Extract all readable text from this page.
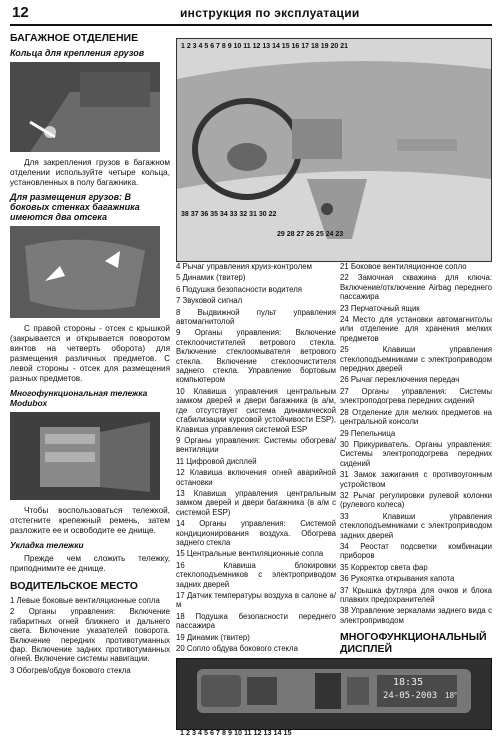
12	инструкция по эксплуатации
БАГАЖНОЕ ОТДЕЛЕНИЕ
Кольца для крепления грузов
Для закрепления грузов в багажном отделении используйте четыре кольца, установленных в полу багажника.
Для размещения грузов: В боковых стенках багажника имеются два отсека
С правой стороны - отсек с крышкой (закрывается и открывается поворотом винтов на четверть оборота) для размещения различных предметов. С левой стороны - отсек для размещения разных предметов.
Многофункциональная тележка Modubox
Чтобы воспользоваться тележкой, отстегните крепежный ремень, затем разложите ее и освободите ее днище.
Укладка тележки
Прежде чем сложить тележку, приподнимите ее днище.
ВОДИТЕЛЬСКОЕ МЕСТО
1 Левые боковые вентиляционные сопла
2 Органы управления: Включение габаритных огней ближнего и дальнего света. Включение указателей поворота. Включение передних противотуманных фар. Включение задних противотуманных огней. Включение системы навигации.
3 Обогрев/обдув бокового стекла
1 2 3 4 5 6 7 8 9 10 11 12 13 14 15 16 17 18 19 20 21
38 37 36 35 34 33 32 31 30 22
29 28 27 26 25 24 23
4 Рычаг управления круиз-контролем
5 Динамик (твитер)
6 Подушка безопасности водителя
7 Звуковой сигнал
8 Выдвижной пульт управления автомагнитолой
9 Органы управления: Включение стеклоочистителей ветрового стекла. Включение стеклоомывателя ветрового стекла. Включение стеклоочистителя заднего стекла. Управление бортовым компьютером
10 Клавиша управления центральным замком дверей и двери багажника (в а/м, где отсутствует система динамической стабилизации курсовой устойчивости ESP), Клавиша управления системой ESP
9 Органы управления: Системы обогрева/вентиляции
11 Цифровой дисплей
12 Клавиша включения огней аварийной остановки
13 Клавиша управления центральным замком дверей и двери багажника (в а/м с системой ESP)
14 Органы управления: Системой кондиционирования воздуха. Обогрева заднего стекла
15 Центральные вентиляционные сопла
16 Клавиша блокировки стеклоподъемников с электроприводом задних дверей
17 Датчик температуры воздуха в салоне а/м
18 Подушка безопасности переднего пассажира
19 Динамик (твитер)
20 Сопло обдува бокового стекла
21 Боковое вентиляционное сопло
22 Замочная скважина для ключа: Включение/отключение Airbag переднего пассажира
23 Перчаточный ящик
24 Место для установки автомагнитолы или отделение для хранения мелких предметов
25 Клавиши управления стеклоподъемниками с электроприводом передних дверей
26 Рычаг переключения передач
27 Органы управления: Системы электроподогрева передних сидений
28 Отделение для мелких предметов на центральной консоли
29 Пепельница
30 Прикуриватель. Органы управления: Системы электроподогрева передних сидений
31 Замок зажигания с противоугонным устройством
32 Рычаг регулировки рулевой колонки (рулевого колеса)
33 Клавиши управления стеклоподъемниками с электроприводом задних дверей
34 Реостат подсветки комбинации приборов
35 Корректор света фар
36 Рукоятка открывания капота
37 Крышка футляра для очков и блока плавких предохранителей
38 Управление зеркалами заднего вида с электроприводом
МНОГОФУНКЦИОНАЛЬНЫЙ ДИСПЛЕЙ
18:35
24-05-2003 18°
1 2 3 4 5 6 7 8 9 10 11 12 13 14 15
